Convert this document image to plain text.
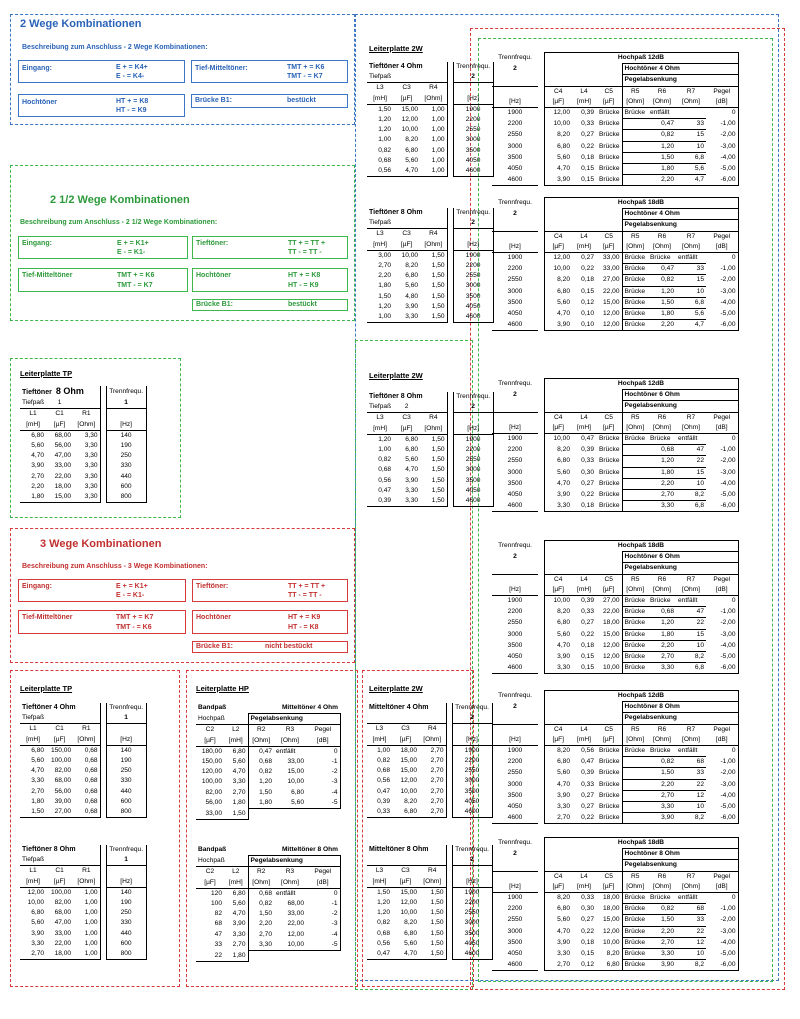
2 Wege Kombinationen
Beschreibung zum Anschluss - 2 Wege Kombinationen:
Eingang:	E + = K4+
E - = K4-
Tief-Mitteltöner:	TMT + = K6
TMT - = K7
Hochtöner	HT + = K8
HT - = K9
Brücke B1:	bestückt
2 1/2 Wege Kombinationen
Beschreibung zum Anschluss - 2 1/2 Wege Kombinationen:
Eingang:	E + = K1+
E - = K1-
Tieftöner:	TT + = TT +
TT - = TT -
Tief-Mitteltöner	TMT + = K6
TMT - = K7
Hochtöner	HT + = K8
HT - = K9
Brücke B1:	bestückt
3 Wege Kombinationen
Beschreibung zum Anschluss - 3 Wege Kombinationen:
Eingang:	E + = K1+
E - = K1-
Tieftöner:	TT + = TT +
TT - = TT -
Tief-Mitteltöner	TMT + = K7
TMT - = K6
Hochtöner	HT + = K9
HT - = K8
Brücke B1:	nicht bestückt
Leiterplatte 2W
Leiterplatte TP	Leiterplatte 2W
Leiterplatte TP	Leiterplatte HP	Leiterplatte 2W
Tieftöner 8 Ohm				Trennfrequ.
Tiefpaß	1			1
L1	C1	R1		
[mH]	[µF]	[Ohm]		[Hz]
6,80	68,00	3,30		140
5,60	56,00	3,30		190
4,70	47,00	3,30		250
3,90	33,00	3,30		330
2,70	22,00	3,30		440
2,20	18,00	3,30		600
1,80	15,00	3,30		800
Tieftöner 4 Ohm				Trennfrequ.
Tiefpaß				1
L1	C1	R1		
[mH]	[µF]	[Ohm]		[Hz]
6,80	150,00	0,68		140
5,60	100,00	0,68		190
4,70	82,00	0,68		250
3,30	68,00	0,68		330
2,70	56,00	0,68		440
1,80	39,00	0,68		600
1,50	27,00	0,68		800
Tieftöner 8 Ohm				Trennfrequ.
Tiefpaß				1
L1	C1	R1		
[mH]	[µF]	[Ohm]		[Hz]
12,00	100,00	1,00		140
10,00	82,00	1,00		190
6,80	68,00	1,00		250
5,60	47,00	1,00		330
3,90	33,00	1,00		440
3,30	22,00	1,00		600
2,70	18,00	1,00		800
Tieftöner 4 Ohm				Trennfrequ.
Tiefpaß				2
L3	C3	R4		
[mH]	[µF]	[Ohm]		[Hz]
1,50	15,00	1,00		1900
1,20	12,00	1,00		2200
1,20	10,00	1,00		2550
1,00	8,20	1,00		3000
0,82	6,80	1,00		3500
0,68	5,60	1,00		4050
0,56	4,70	1,00		4600
Tieftöner 8 Ohm				Trennfrequ.
Tiefpaß				2
L3	C3	R4		
[mH]	[µF]	[Ohm]		[Hz]
3,00	10,00	1,50		1900
2,70	8,20	1,50		2200
2,20	6,80	1,50		2550
1,80	5,60	1,50		3000
1,50	4,80	1,50		3500
1,20	3,90	1,50		4050
1,00	3,30	1,50		4600
Tieftöner 8 Ohm				Trennfrequ.
Tiefpaß	2			2
L3	C3	R4		
[mH]	[µF]	[Ohm]		[Hz]
1,20	6,80	1,50		1900
1,00	6,80	1,50		2200
0,82	5,60	1,50		2550
0,68	4,70	1,50		3000
0,56	3,90	1,50		3500
0,47	3,30	1,50		4050
0,39	3,30	1,50		4600
Mitteltöner 4 Ohm				Trennfrequ.
				2
L3	C3	R4		
[mH]	[µF]	[Ohm]		[Hz]
1,00	18,00	2,70		1900
0,82	15,00	2,70		2200
0,68	15,00	2,70		2550
0,56	12,00	2,70		3000
0,47	10,00	2,70		3500
0,39	8,20	2,70		4050
0,33	6,80	2,70		4600
Mitteltöner 8 Ohm				Trennfrequ.
				2
L3	C3	R4		
[mH]	[µF]	[Ohm]		[Hz]
1,50	15,00	1,50		1900
1,20	12,00	1,50		2200
1,20	10,00	1,50		2550
0,82	8,20	1,50		3000
0,68	6,80	1,50		3500
0,56	5,60	1,50		4050
0,47	4,70	1,50		4600
Bandpaß		Mitteltöner 4 Ohm		
Hochpaß		Pegelabsenkung		
C2	L2	R2	R3	Pegel
[µF]	[mH]	[Ohm]	[Ohm]	[dB]
180,00	6,80	0,47	entfällt	0
150,00	5,60	0,68	33,00	-1
120,00	4,70	0,82	15,00	-2
100,00	3,30	1,20	10,00	-3
82,00	2,70	1,50	6,80	-4
56,00	1,80	1,80	5,60	-5
33,00	1,50			
Bandpaß		Mitteltöner 8 Ohm		
Hochpaß		Pegelabsenkung		
C2	L2	R2	R3	Pegel
[µF]	[mH]	[Ohm]	[Ohm]	[dB]
120	6,80	0,68	entfällt	0
100	5,60	0,82	68,00	-1
82	4,70	1,50	33,00	-2
68	3,90	2,20	22,00	-3
47	3,30	2,70	12,00	-4
33	2,70	3,30	10,00	-5
22	1,80			
Trennfrequ.		Hochpaß 12dB						
2					Hochtöner 4 Ohm			
					Pegelabsenkung			
		C4	L4	C5	R5	R6	R7	Pegel
[Hz]		[µF]	[mH]	[µF]	[Ohm]	[Ohm]	[Ohm]	[dB]
1900		12,00	0,39	Brücke	Brücke	entfällt		0
2200		10,00	0,33	Brücke		0,47	33	-1,00
2550		8,20	0,27	Brücke		0,82	15	-2,00
3000		6,80	0,22	Brücke		1,20	10	-3,00
3500		5,60	0,18	Brücke		1,50	6,8	-4,00
4050		4,70	0,15	Brücke		1,80	5,6	-5,00
4600		3,90	0,15	Brücke		2,20	4,7	-6,00
Trennfrequ.		Hochpaß 18dB						
2					Hochtöner 4 Ohm			
					Pegelabsenkung			
		C4	L4	C5	R5	R6	R7	Pegel
[Hz]		[µF]	[mH]	[µF]	[Ohm]	[Ohm]	[Ohm]	[dB]
1900		12,00	0,27	33,00	Brücke	Brücke	entfällt	0
2200		10,00	0,22	33,00	Brücke	0,47	33	-1,00
2550		8,20	0,18	27,00	Brücke	0,82	15	-2,00
3000		6,80	0,15	22,00	Brücke	1,20	10	-3,00
3500		5,60	0,12	15,00	Brücke	1,50	6,8	-4,00
4050		4,70	0,10	12,00	Brücke	1,80	5,6	-5,00
4600		3,90	0,10	12,00	Brücke	2,20	4,7	-6,00
Trennfrequ.		Hochpaß 12dB						
2					Hochtöner 6 Ohm			
					Pegelabsenkung			
		C4	L4	C5	R5	R6	R7	Pegel
[Hz]		[µF]	[mH]	[µF]	[Ohm]	[Ohm]	[Ohm]	[dB]
1900		10,00	0,47	Brücke	Brücke	Brücke	entfällt	0
2200		8,20	0,39	Brücke		0,68	47	-1,00
2550		6,80	0,33	Brücke		1,20	22	-2,00
3000		5,60	0,30	Brücke		1,80	15	-3,00
3500		4,70	0,27	Brücke		2,20	10	-4,00
4050		3,90	0,22	Brücke		2,70	8,2	-5,00
4600		3,30	0,18	Brücke		3,30	6,8	-6,00
Trennfrequ.		Hochpaß 18dB						
2					Hochtöner 6 Ohm			
					Pegelabsenkung			
		C4	L4	C5	R5	R6	R7	Pegel
[Hz]		[µF]	[mH]	[µF]	[Ohm]	[Ohm]	[Ohm]	[dB]
1900		10,00	0,39	27,00	Brücke	Brücke	entfällt	0
2200		8,20	0,33	22,00	Brücke	0,68	47	-1,00
2550		6,80	0,27	18,00	Brücke	1,20	22	-2,00
3000		5,60	0,22	15,00	Brücke	1,80	15	-3,00
3500		4,70	0,18	12,00	Brücke	2,20	10	-4,00
4050		3,90	0,15	12,00	Brücke	2,70	8,2	-5,00
4600		3,30	0,15	10,00	Brücke	3,30	6,8	-6,00
Trennfrequ.		Hochpaß 12dB						
2					Hochtöner 8 Ohm			
					Pegelabsenkung			
		C4	L4	C5	R5	R6	R7	Pegel
[Hz]		[µF]	[mH]	[µF]	[Ohm]	[Ohm]	[Ohm]	[dB]
1900		8,20	0,56	Brücke	Brücke	Brücke	entfällt	0
2200		6,80	0,47	Brücke		0,82	68	-1,00
2550		5,60	0,39	Brücke		1,50	33	-2,00
3000		4,70	0,33	Brücke		2,20	22	-3,00
3500		3,90	0,27	Brücke		2,70	12	-4,00
4050		3,30	0,27	Brücke		3,30	10	-5,00
4600		2,70	0,22	Brücke		3,90	8,2	-6,00
Trennfrequ.		Hochpaß 18dB						
2					Hochtöner 8 Ohm			
					Pegelabsenkung			
		C4	L4	C5	R5	R6	R7	Pegel
[Hz]		[µF]	[mH]	[µF]	[Ohm]	[Ohm]	[Ohm]	[dB]
1900		8,20	0,33	18,00	Brücke	Brücke	entfällt	0
2200		6,80	0,30	18,00	Brücke	0,82	68	-1,00
2550		5,60	0,27	15,00	Brücke	1,50	33	-2,00
3000		4,70	0,22	12,00	Brücke	2,20	22	-3,00
3500		3,90	0,18	10,00	Brücke	2,70	12	-4,00
4050		3,30	0,15	8,20	Brücke	3,30	10	-5,00
4600		2,70	0,12	6,80	Brücke	3,90	8,2	-6,00
